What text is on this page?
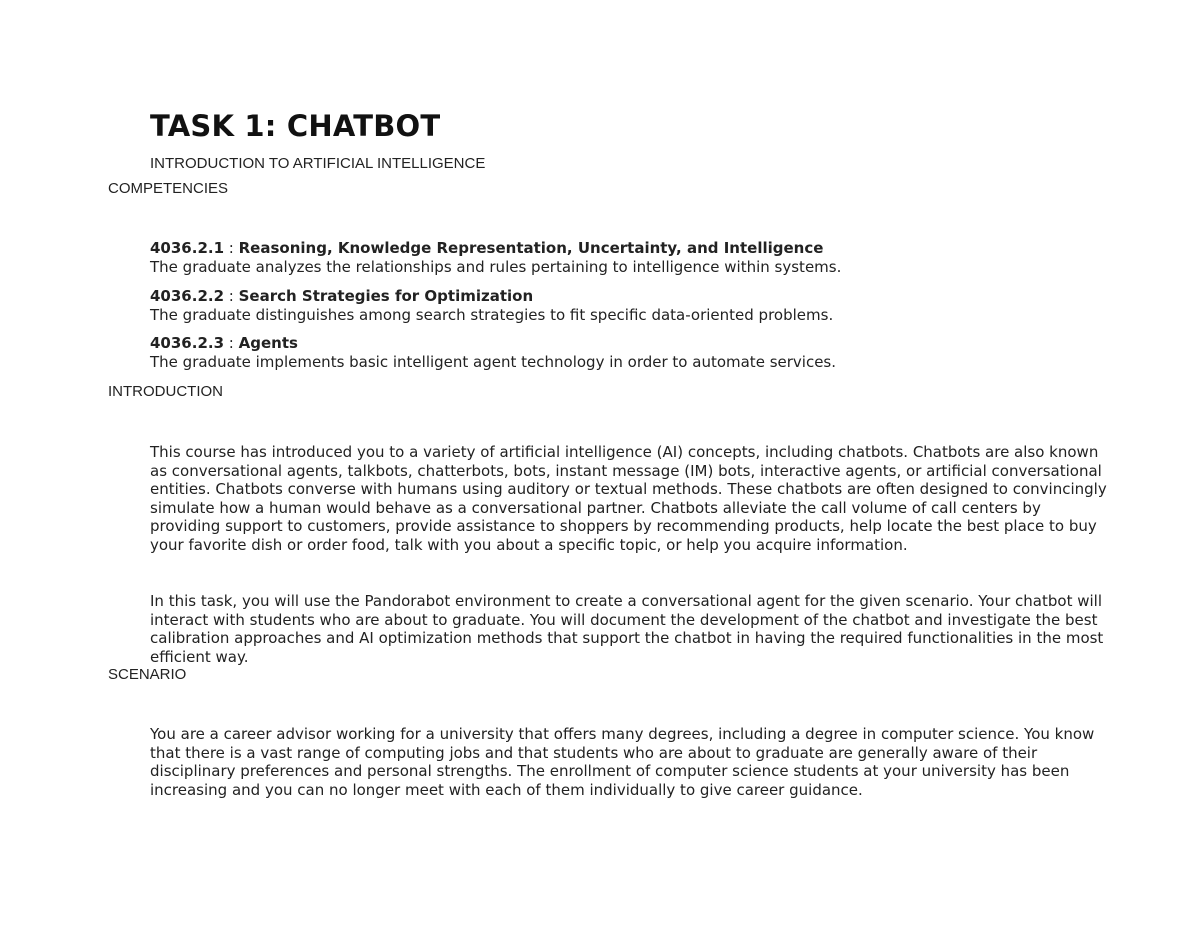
TASK 1: CHATBOT
INTRODUCTION TO ARTIFICIAL INTELLIGENCE
COMPETENCIES
4036.2.1 : Reasoning, Knowledge Representation, Uncertainty, and Intelligence
The graduate analyzes the relationships and rules pertaining to intelligence within systems.
4036.2.2 : Search Strategies for Optimization
The graduate distinguishes among search strategies to fit specific data-oriented problems.
4036.2.3 : Agents
The graduate implements basic intelligent agent technology in order to automate services.
INTRODUCTION

This course has introduced you to a variety of artificial intelligence (AI) concepts, including chatbots. Chatbots are also known as conversational agents, talkbots, chatterbots, bots, instant message (IM) bots, interactive agents, or artificial conversational entities. Chatbots converse with humans using auditory or textual methods. These chatbots are often designed to convincingly simulate how a human would behave as a conversational partner. Chatbots alleviate the call volume of call centers by providing support to customers, provide assistance to shoppers by recommending products, help locate the best place to buy your favorite dish or order food, talk with you about a specific topic, or help you acquire information.

In this task, you will use the Pandorabot environment to create a conversational agent for the given scenario. Your chatbot will interact with students who are about to graduate. You will document the development of the chatbot and investigate the best calibration approaches and AI optimization methods that support the chatbot in having the required functionalities in the most efficient way.

SCENARIO

You are a career advisor working for a university that offers many degrees, including a degree in computer science. You know that there is a vast range of computing jobs and that students who are about to graduate are generally aware of their disciplinary preferences and personal strengths. The enrollment of computer science students at your university has been increasing and you can no longer meet with each of them individually to give career guidance.
